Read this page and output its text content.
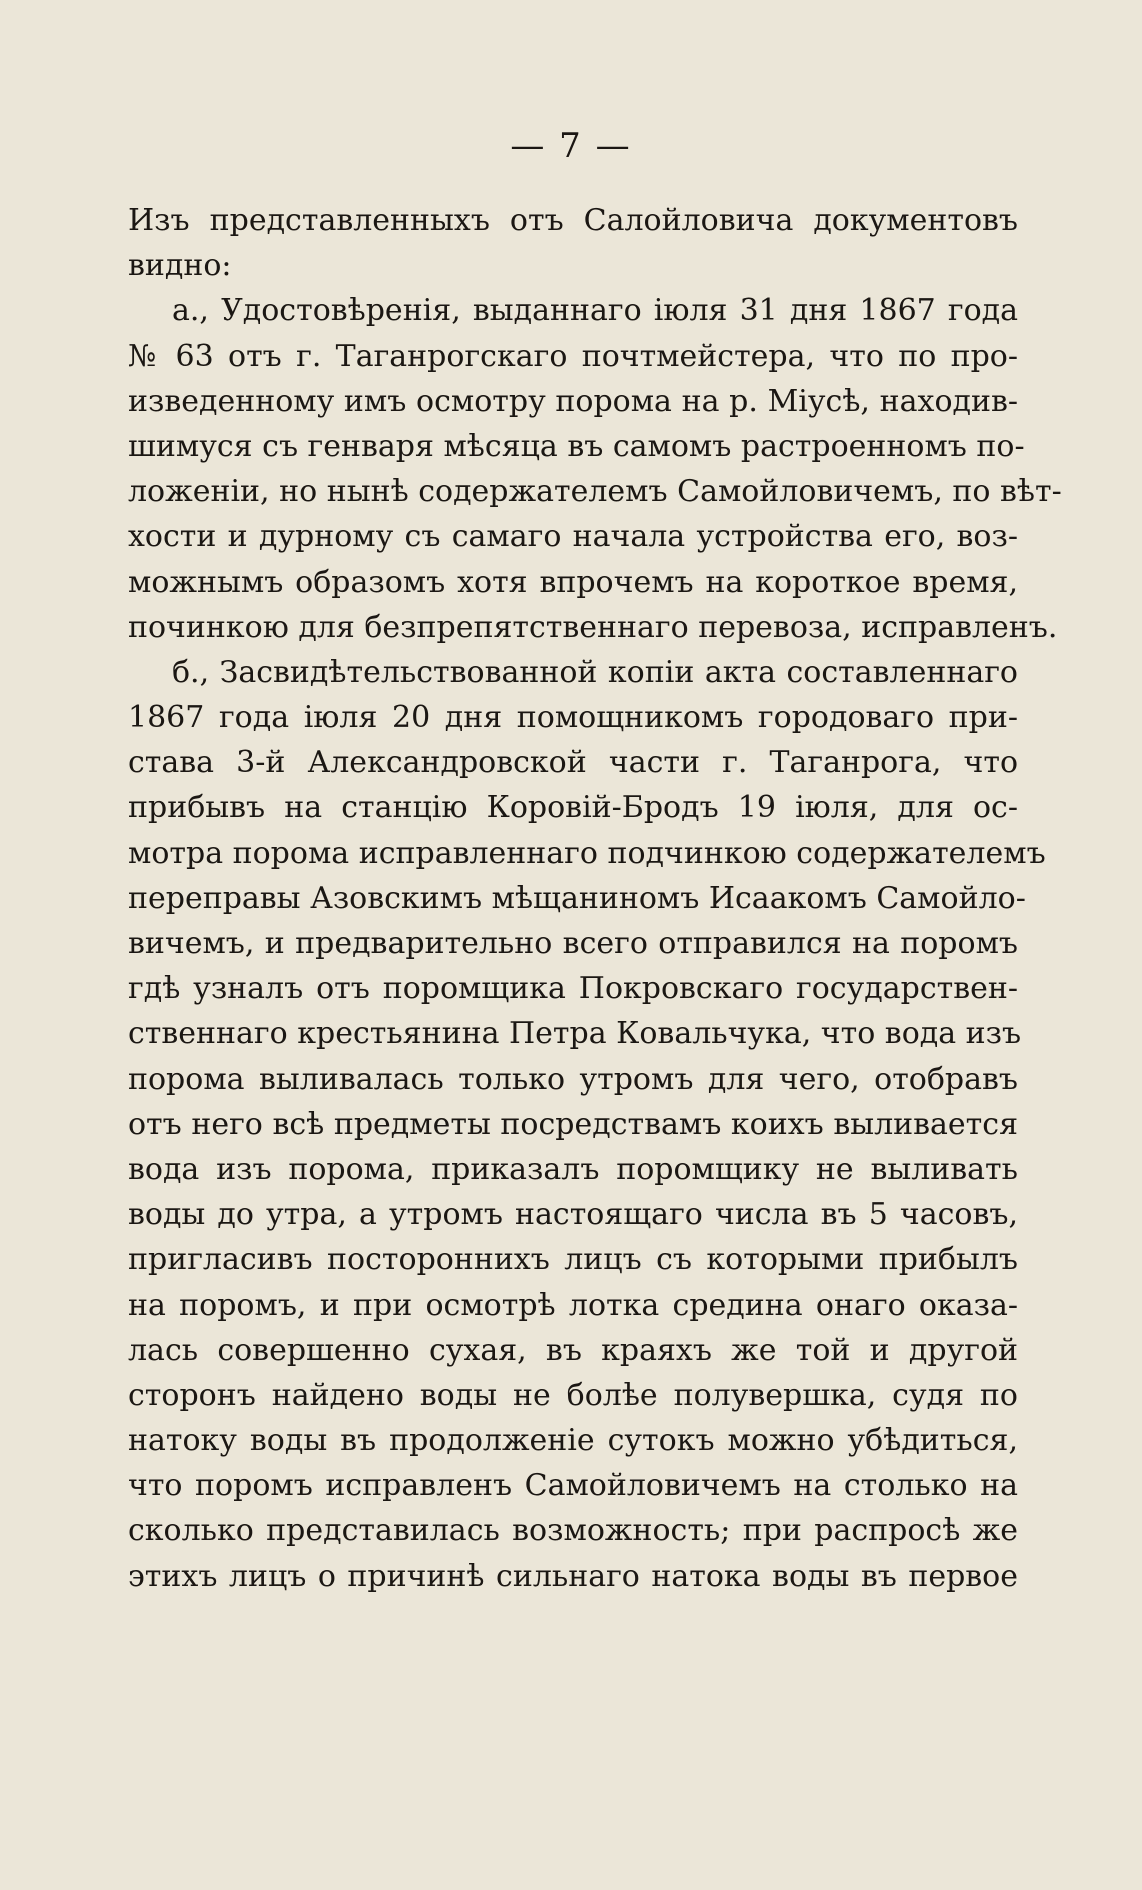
— 7 —
Изъ представленныхъ отъ Салойловича документовъ
видно:
а., Удостовѣренія, выданнаго іюля 31 дня 1867 года
№ 63 отъ г. Таганрогскаго почтмейстера, что по про-
изведенному имъ осмотру порома на р. Міусѣ, находив-
шимуся съ генваря мѣсяца въ самомъ растроенномъ по-
ложеніи, но нынѣ содержателемъ Самойловичемъ, по вѣт-
хости и дурному съ самаго начала устройства его, воз-
можнымъ образомъ хотя впрочемъ на короткое время,
починкою для безпрепятственнаго перевоза, исправленъ.
б., Засвидѣтельствованной копіи акта составленнаго
1867 года іюля 20 дня помощникомъ городоваго при-
става 3-й Александровской части г. Таганрога, что
прибывъ на станцію Коровій-Бродъ 19 іюля, для ос-
мотра порома исправленнаго подчинкою содержателемъ
переправы Азовскимъ мѣщаниномъ Исаакомъ Самойло-
вичемъ, и предварительно всего отправился на поромъ
гдѣ узналъ отъ поромщика Покровскаго государствен-
ственнаго крестьянина Петра Ковальчука, что вода изъ
порома выливалась только утромъ для чего, отобравъ
отъ него всѣ предметы посредствамъ коихъ выливается
вода изъ порома, приказалъ поромщику не выливать
воды до утра, а утромъ настоящаго числа въ 5 часовъ,
пригласивъ постороннихъ лицъ съ которыми прибылъ
на поромъ, и при осмотрѣ лотка средина онаго оказа-
лась совершенно сухая, въ краяхъ же той и другой
сторонъ найдено воды не болѣе полувершка, судя по
натоку воды въ продолженіе сутокъ можно убѣдиться,
что поромъ исправленъ Самойловичемъ на столько на
сколько представилась возможность; при распросѣ же
этихъ лицъ о причинѣ сильнаго натока воды въ первое
